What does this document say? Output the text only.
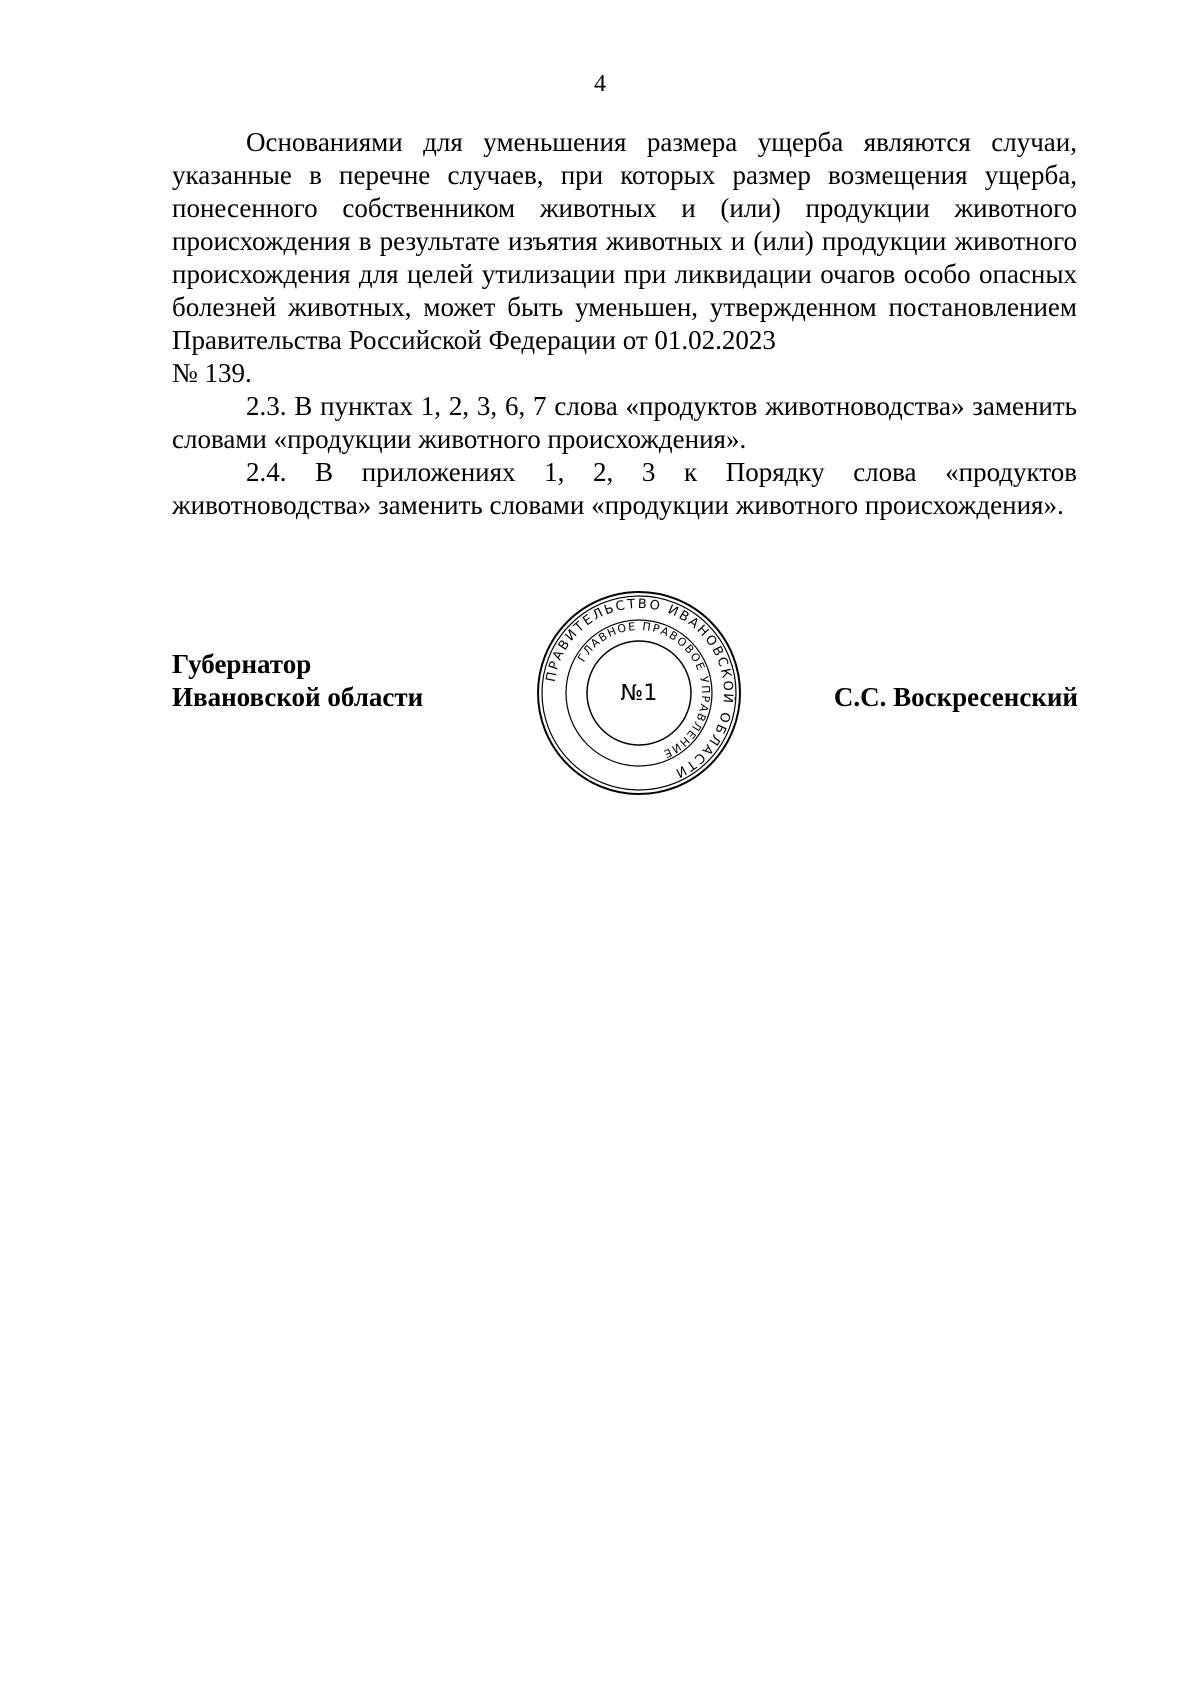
4

Основаниями для уменьшения размера ущерба являются случаи, указанные в перечне случаев, при которых размер возмещения ущерба, понесенного собственником животных и (или) продукции животного происхождения в результате изъятия животных и (или) продукции животного происхождения для целей утилизации при ликвидации очагов особо опасных болезней животных, может быть уменьшен, утвержденном постановлением Правительства Российской Федерации от 01.02.2023

№ 139.

2.3. В пунктах 1, 2, 3, 6, 7 слова «продуктов животноводства» заменить словами «продукции животного происхождения».

2.4. В приложениях 1, 2, 3 к Порядку слова «продуктов животноводства» заменить словами «продукции животного происхождения».

Губернатор
Ивановской области
ПРАВИТЕЛЬСТВО ИВАНОВСКОЙ ОБЛАСТИ
ГЛАВНОЕ ПРАВОВОЕ УПРАВЛЕНИЕ
№1	С.С. Воскресенский
